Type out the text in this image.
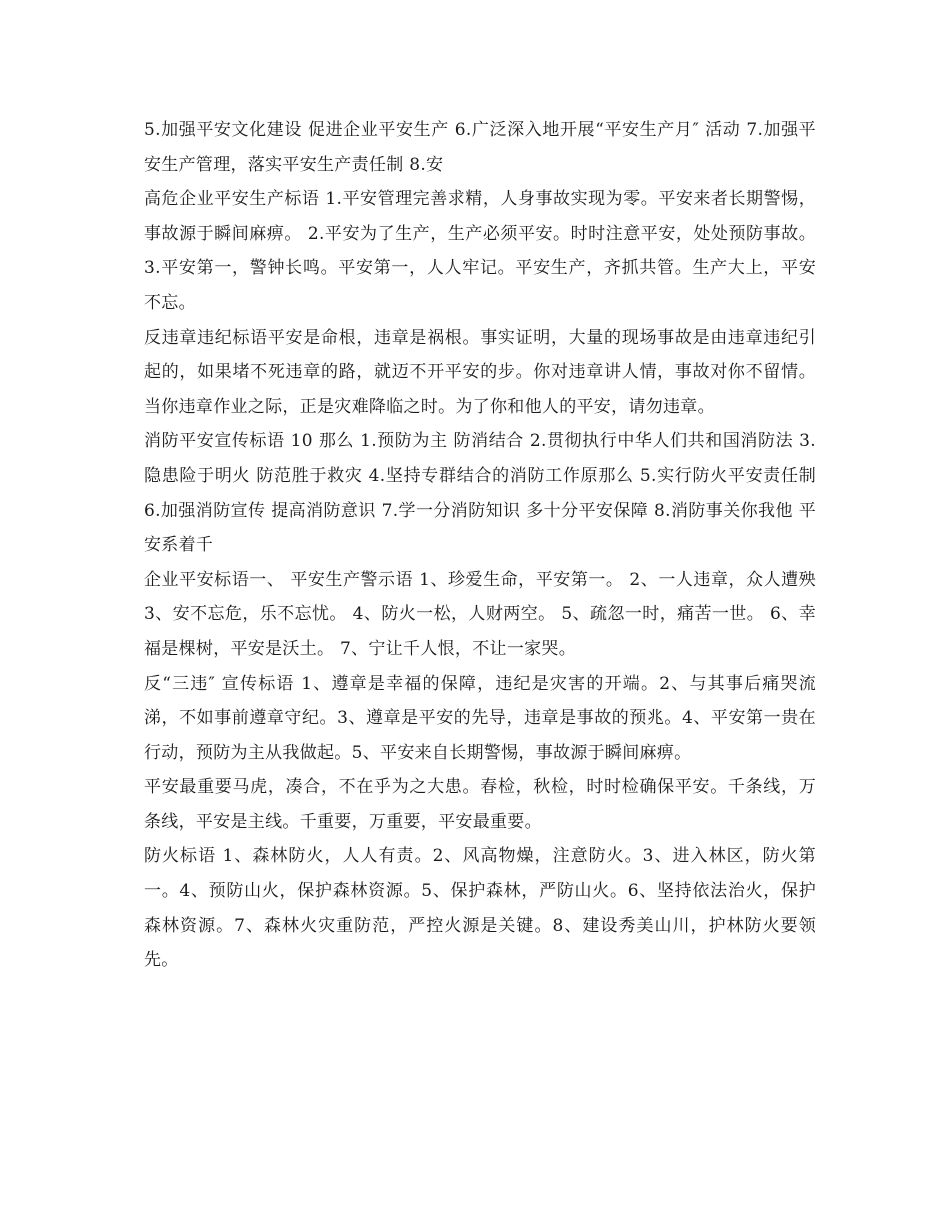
5.加强平安文化建设 促进企业平安生产 6.广泛深入地开展“平安生产月″ 活动 7.加强平安生产管理，落实平安生产责任制 8.安

高危企业平安生产标语 1.平安管理完善求精，人身事故实现为零。平安来者长期警惕，事故源于瞬间麻痹。 2.平安为了生产，生产必须平安。时时注意平安，处处预防事故。 3.平安第一，警钟长鸣。平安第一，人人牢记。平安生产，齐抓共管。生产大上，平安不忘。

反违章违纪标语平安是命根，违章是祸根。事实证明，大量的现场事故是由违章违纪引起的，如果堵不死违章的路，就迈不开平安的步。你对违章讲人情，事故对你不留情。当你违章作业之际，正是灾难降临之时。为了你和他人的平安，请勿违章。

消防平安宣传标语 10 那么 1.预防为主 防消结合 2.贯彻执行中华人们共和国消防法 3.隐患险于明火 防范胜于救灾 4.坚持专群结合的消防工作原那么 5.实行防火平安责任制 6.加强消防宣传 提高消防意识 7.学一分消防知识 多十分平安保障 8.消防事关你我他 平安系着千

企业平安标语一、 平安生产警示语 1、珍爱生命，平安第一。 2、一人违章，众人遭殃 3、安不忘危，乐不忘忧。 4、防火一松，人财两空。 5、疏忽一时，痛苦一世。 6、幸福是棵树，平安是沃土。 7、宁让千人恨，不让一家哭。

反“三违″ 宣传标语 1、遵章是幸福的保障，违纪是灾害的开端。2、与其事后痛哭流涕，不如事前遵章守纪。3、遵章是平安的先导，违章是事故的预兆。4、平安第一贵在行动，预防为主从我做起。5、平安来自长期警惕，事故源于瞬间麻痹。

平安最重要马虎，凑合，不在乎为之大患。春检，秋检，时时检确保平安。千条线，万条线，平安是主线。千重要，万重要，平安最重要。

防火标语 1、森林防火，人人有责。2、风高物燥，注意防火。3、进入林区，防火第一。4、预防山火，保护森林资源。5、保护森林，严防山火。6、坚持依法治火，保护森林资源。7、森林火灾重防范，严控火源是关键。8、建设秀美山川，护林防火要领先。
